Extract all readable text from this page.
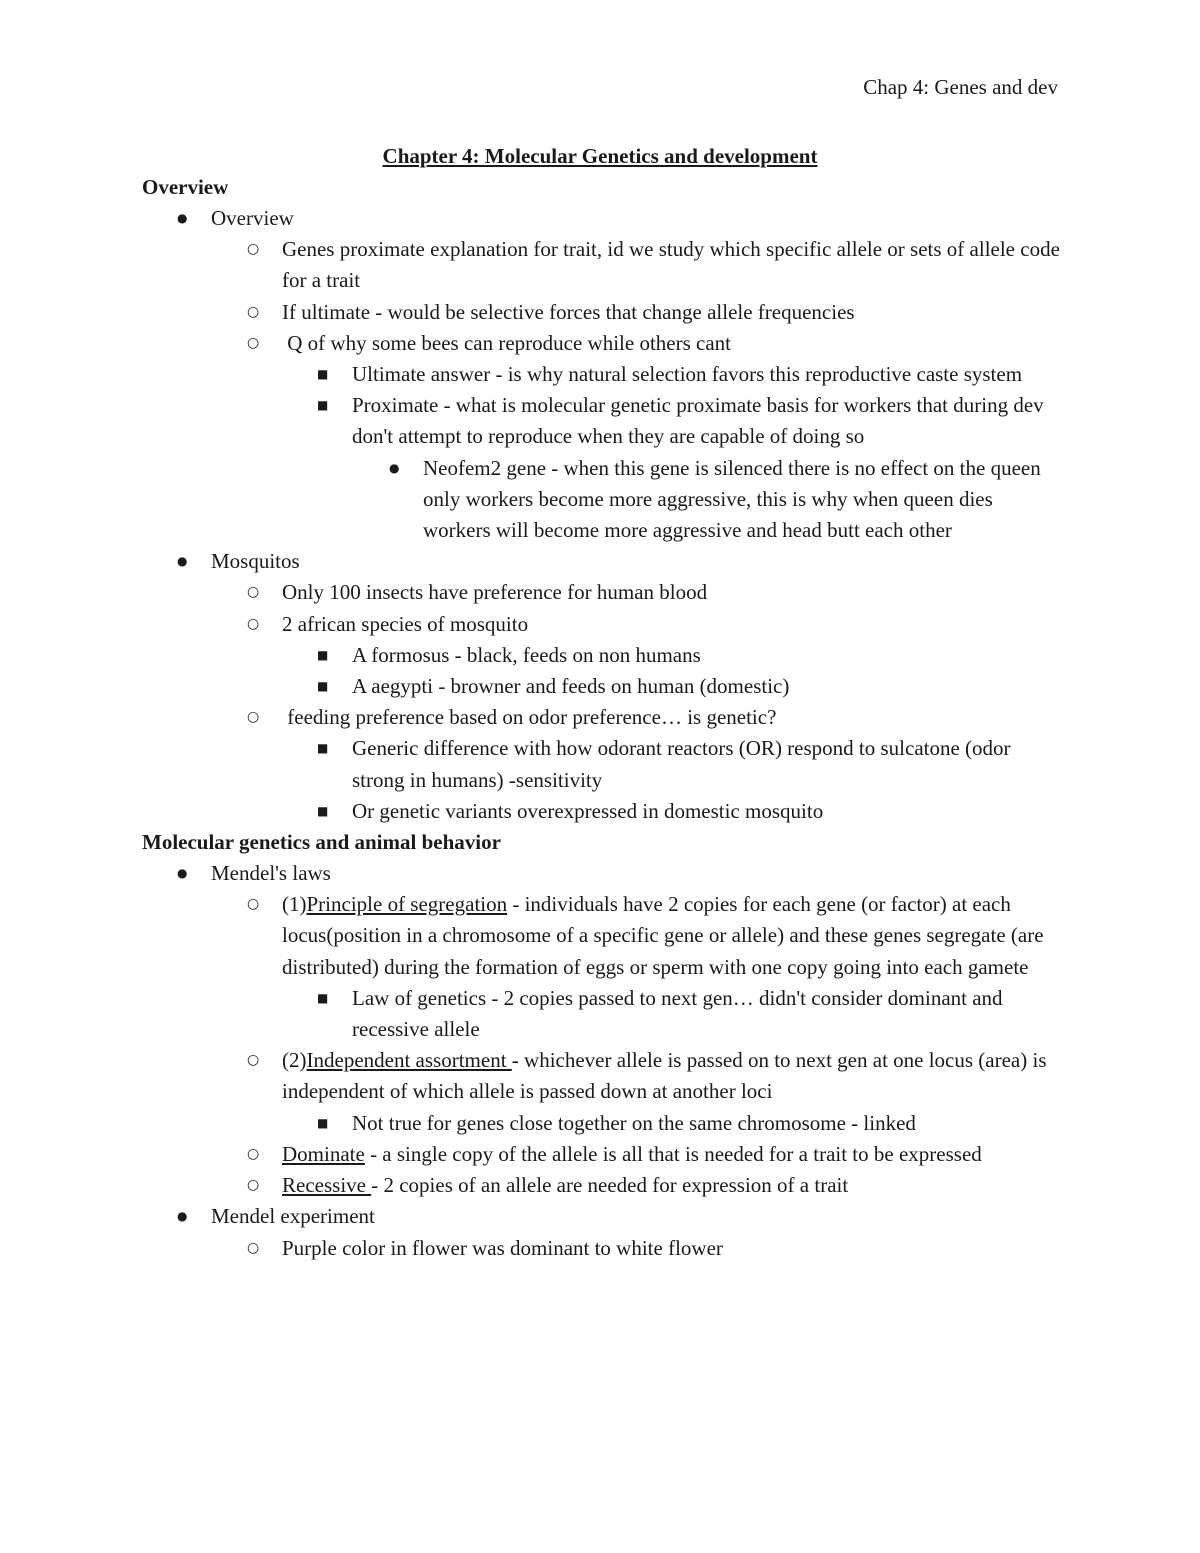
Chap 4: Genes and dev
Chapter 4: Molecular Genetics and development
Overview
● Overview
○ Genes proximate explanation for trait, id we study which specific allele or sets of allele code for a trait
○ If ultimate - would be selective forces that change allele frequencies
○ Q of why some bees can reproduce while others cant
■ Ultimate answer - is why natural selection favors this reproductive caste system
■ Proximate - what is molecular genetic proximate basis for workers that during dev don't attempt to reproduce when they are capable of doing so
● Neofem2 gene - when this gene is silenced there is no effect on the queen only workers become more aggressive, this is why when queen dies workers will become more aggressive and head butt each other
● Mosquitos
○ Only 100 insects have preference for human blood
○ 2 african species of mosquito
■ A formosus - black, feeds on non humans
■ A aegypti - browner and feeds on human (domestic)
○ feeding preference based on odor preference… is genetic?
■ Generic difference with how odorant reactors (OR) respond to sulcatone (odor strong in humans) -sensitivity
■ Or genetic variants overexpressed in domestic mosquito
Molecular genetics and animal behavior
● Mendel's laws
○ (1)Principle of segregation - individuals have 2 copies for each gene (or factor) at each locus(position in a chromosome of a specific gene or allele) and these genes segregate (are distributed) during the formation of eggs or sperm with one copy going into each gamete
■ Law of genetics - 2 copies passed to next gen… didn't consider dominant and recessive allele
○ (2)Independent assortment - whichever allele is passed on to next gen at one locus (area) is independent of which allele is passed down at another loci
■ Not true for genes close together on the same chromosome - linked
○ Dominate - a single copy of the allele is all that is needed for a trait to be expressed
○ Recessive - 2 copies of an allele are needed for expression of a trait
● Mendel experiment
○ Purple color in flower was dominant to white flower
